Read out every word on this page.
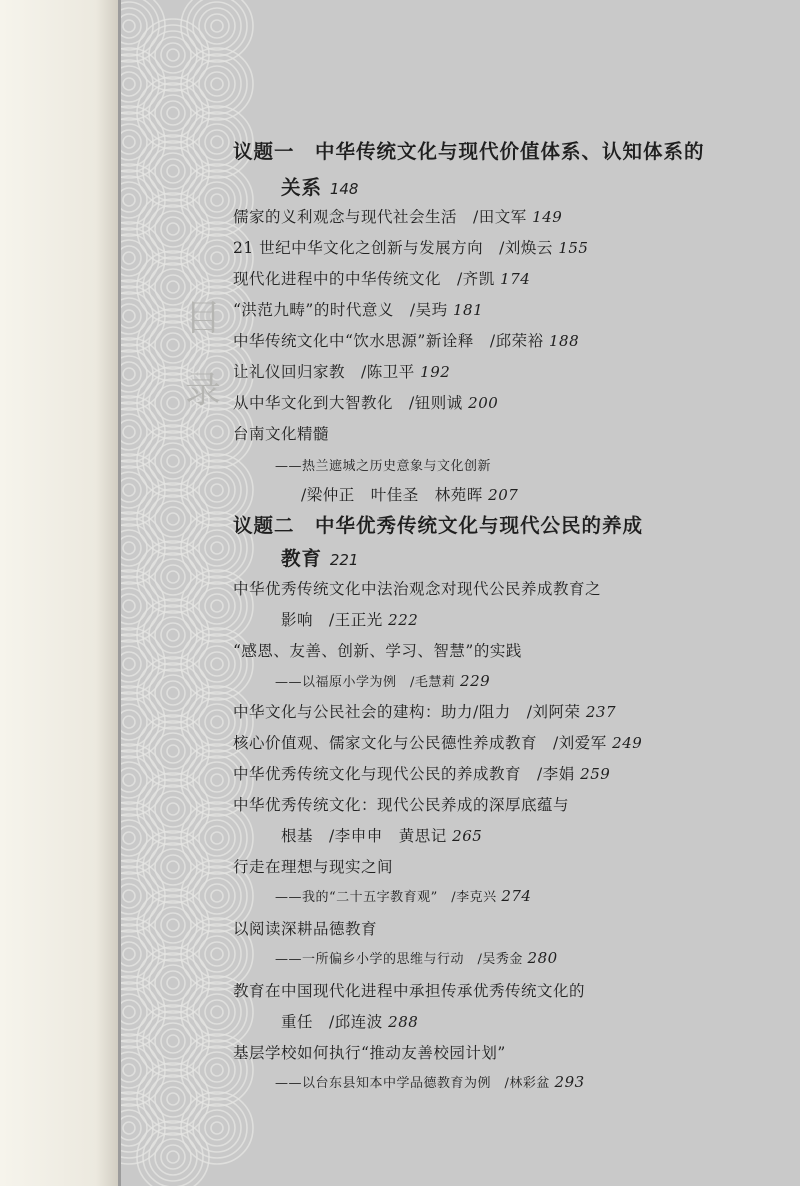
目
录
议题一　中华传统文化与现代价值体系、认知体系的
关系 148
儒家的义利观念与现代社会生活　/田文军 149
21 世纪中华文化之创新与发展方向　/刘焕云 155
现代化进程中的中华传统文化　/齐凯 174
“洪范九畴”的时代意义　/吴玙 181
中华传统文化中“饮水思源”新诠释　/邱荣裕 188
让礼仪回归家教　/陈卫平 192
从中华文化到大智教化　/钮则诚 200
台南文化精髓
——热兰遮城之历史意象与文化创新
/梁仲正　叶佳圣　林苑晖 207
议题二　中华优秀传统文化与现代公民的养成
教育 221
中华优秀传统文化中法治观念对现代公民养成教育之
影响　/王正光 222
“感恩、友善、创新、学习、智慧”的实践
——以福原小学为例　/毛慧莉 229
中华文化与公民社会的建构：助力/阻力　/刘阿荣 237
核心价值观、儒家文化与公民德性养成教育　/刘爱军 249
中华优秀传统文化与现代公民的养成教育　/李娟 259
中华优秀传统文化：现代公民养成的深厚底蕴与
根基　/李申申　黄思记 265
行走在理想与现实之间
——我的“二十五字教育观”　/李克兴 274
以阅读深耕品德教育
——一所偏乡小学的思维与行动　/吴秀金 280
教育在中国现代化进程中承担传承优秀传统文化的
重任　/邱连波 288
基层学校如何执行“推动友善校园计划”
——以台东县知本中学品德教育为例　/林彩盆 293
